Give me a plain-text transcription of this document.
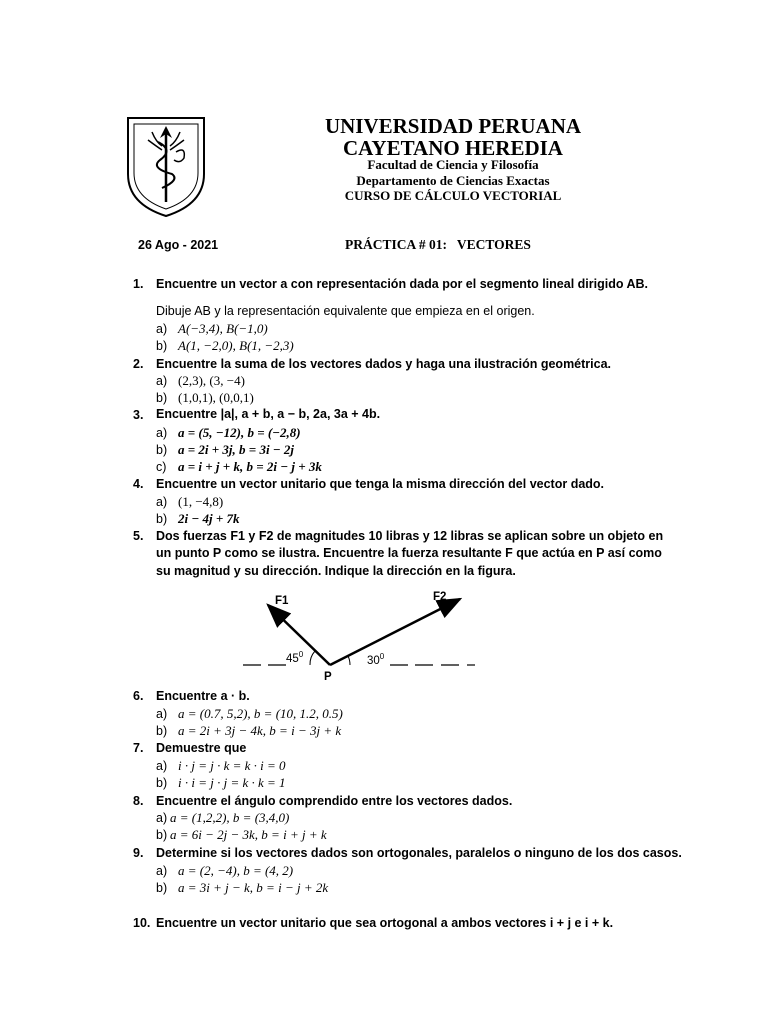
UNIVERSIDAD PERUANA
CAYETANO HEREDIA
Facultad de Ciencia y Filosofía
Departamento de Ciencias Exactas
CURSO DE CÁLCULO VECTORIAL
26 Ago - 2021	PRÁCTICA # 01:   VECTORES
1. Encuentre un vector a con representación dada por el segmento lineal dirigido AB.
Dibuje AB y la representación equivalente que empieza en el origen.
a) A(−3,4), B(−1,0)
b) A(1, −2,0), B(1, −2,3)
2. Encuentre la suma de los vectores dados y haga una ilustración geométrica.
a) (2,3), (3, −4)
b) (1,0,1), (0,0,1)
3. Encuentre |a|, a + b, a − b, 2a, 3a + 4b.
a) a = (5, −12), b = (−2,8)
b) a = 2i + 3j, b = 3i − 2j
c) a = i + j + k, b = 2i − j + 3k
4. Encuentre un vector unitario que tenga la misma dirección del vector dado.
a) (1, −4,8)
b) 2i − 4j + 7k
5. Dos fuerzas F1 y F2 de magnitudes 10 libras y 12 libras se aplican sobre un objeto en
un punto P como se ilustra. Encuentre la fuerza resultante F que actúa en P así como
su magnitud y su dirección. Indique la dirección en la figura.
F1	F2
P
$45^0$
$30^0$
6. Encuentre a · b.
a) a = (0.7, 5,2), b = (10, 1.2, 0.5)
b) a = 2i + 3j − 4k, b = i − 3j + k
7. Demuestre que
a) i · j = j · k = k · i = 0
b) i · i = j · j = k · k = 1
8. Encuentre el ángulo comprendido entre los vectores dados.
a) a = (1,2,2), b = (3,4,0)
b) a = 6i − 2j − 3k, b = i + j + k
9. Determine si los vectores dados son ortogonales, paralelos o ninguno de los dos casos.
a) a = (2, −4), b = (4, 2)
b) a = 3i + j − k, b = i − j + 2k
10. Encuentre un vector unitario que sea ortogonal a ambos vectores i + j e i + k.
